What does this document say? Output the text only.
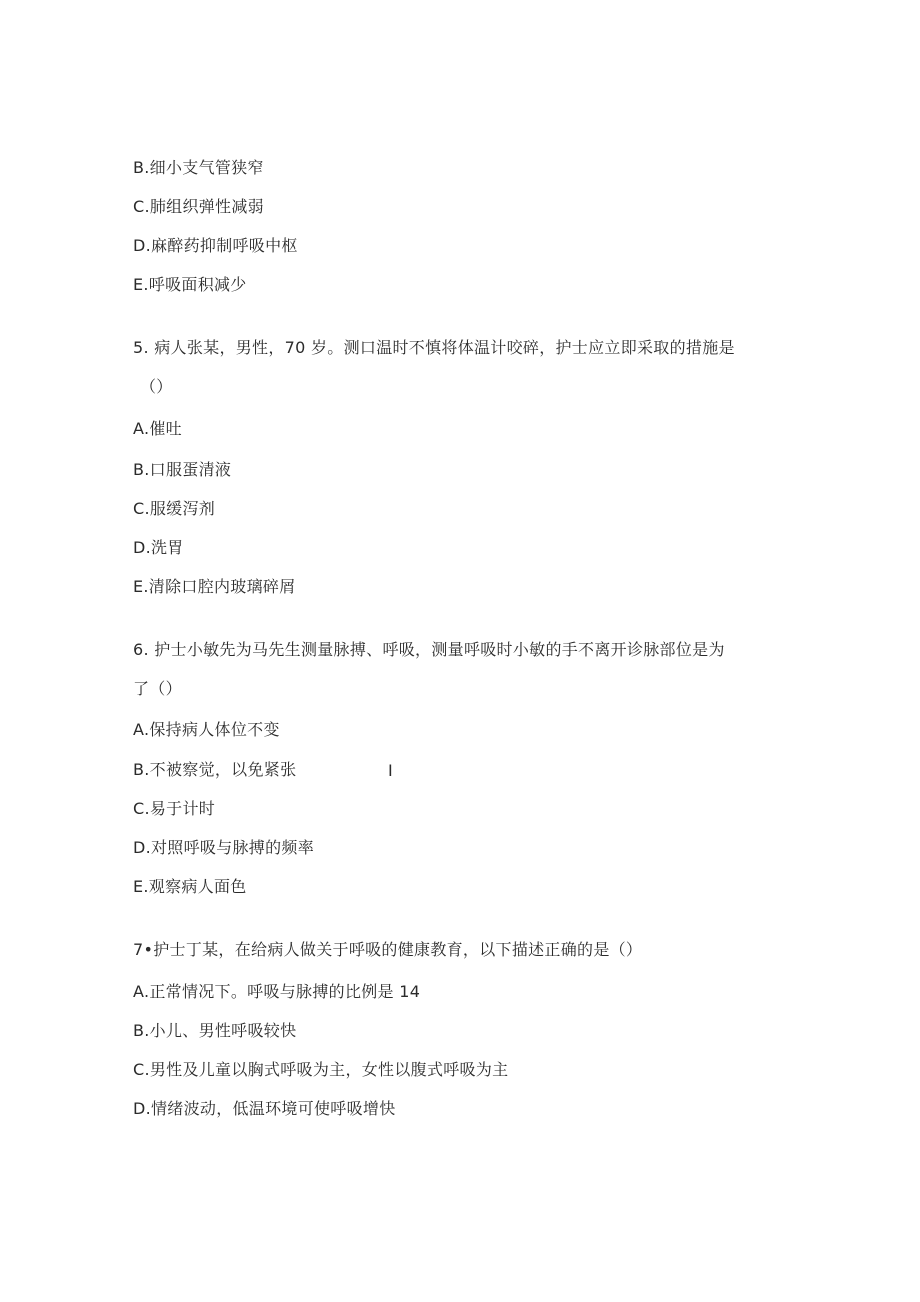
B.细小支气管狭窄
C.肺组织弹性减弱
D.麻醉药抑制呼吸中枢
E.呼吸面积减少
5. 病人张某，男性，70 岁。测口温时不慎将体温计咬碎，护士应立即采取的措施是
（）
A.催吐
B.口服蛋清液
C.服缓泻剂
D.洗胃
E.清除口腔内玻璃碎屑
6. 护士小敏先为马先生测量脉搏、呼吸，测量呼吸时小敏的手不离开诊脉部位是为
了（）
A.保持病人体位不变
B.不被察觉，以免紧张	I
C.易于计时
D.对照呼吸与脉搏的频率
E.观察病人面色
7•护士丁某，在给病人做关于呼吸的健康教育，以下描述正确的是（）
A.正常情况下。呼吸与脉搏的比例是 14
B.小儿、男性呼吸较快
C.男性及儿童以胸式呼吸为主，女性以腹式呼吸为主
D.情绪波动，低温环境可使呼吸增快
